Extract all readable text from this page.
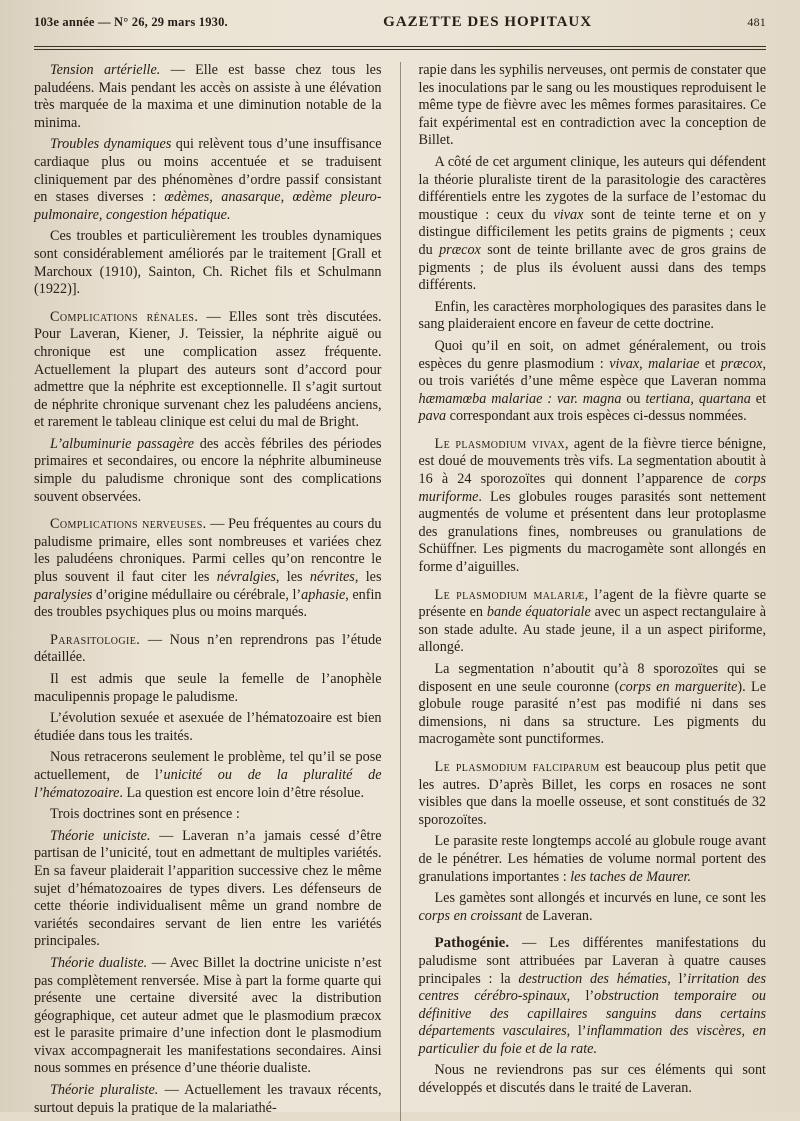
103e année — N° 26, 29 mars 1930.	GAZETTE DES HOPITAUX	481

Tension artérielle. — Elle est basse chez tous les paludéens. Mais pendant les accès on assiste à une élévation très marquée de la maxima et une diminution notable de la minima.

Troubles dynamiques qui relèvent tous d’une insuffisance cardiaque plus ou moins accentuée et se traduisent cliniquement par des phénomènes d’ordre passif consistant en stases diverses : œdèmes, anasarque, œdème pleuro-pulmonaire, congestion hépatique.

Ces troubles et particulièrement les troubles dynamiques sont considérablement améliorés par le traitement [Grall et Marchoux (1910), Sainton, Ch. Richet fils et Schulmann (1922)].

Complications rénales. — Elles sont très discutées. Pour Laveran, Kiener, J. Teissier, la néphrite aiguë ou chronique est une complication assez fréquente. Actuellement la plupart des auteurs sont d’accord pour admettre que la néphrite est exceptionnelle. Il s’agit surtout de néphrite chronique survenant chez les paludéens anciens, et rarement le tableau clinique est celui du mal de Bright.

L’albuminurie passagère des accès fébriles des périodes primaires et secondaires, ou encore la néphrite albumineuse simple du paludisme chronique sont des complications souvent observées.

Complications nerveuses. — Peu fréquentes au cours du paludisme primaire, elles sont nombreuses et variées chez les paludéens chroniques. Parmi celles qu’on rencontre le plus souvent il faut citer les névralgies, les névrites, les paralysies d’origine médullaire ou cérébrale, l’aphasie, enfin des troubles psychiques plus ou moins marqués.

Parasitologie. — Nous n’en reprendrons pas l’étude détaillée.

Il est admis que seule la femelle de l’anophèle maculipennis propage le paludisme.

L’évolution sexuée et asexuée de l’hématozoaire est bien étudiée dans tous les traités.

Nous retracerons seulement le problème, tel qu’il se pose actuellement, de l’unicité ou de la pluralité de l’hématozoaire. La question est encore loin d’être résolue.

Trois doctrines sont en présence :

Théorie uniciste. — Laveran n’a jamais cessé d’être partisan de l’unicité, tout en admettant de multiples variétés. En sa faveur plaiderait l’apparition successive chez le même sujet d’hématozoaires de types divers. Les défenseurs de cette théorie individualisent même un grand nombre de variétés secondaires servant de lien entre les variétés principales.

Théorie dualiste. — Avec Billet la doctrine uniciste n’est pas complètement renversée. Mise à part la forme quarte qui présente une certaine diversité avec la distribution géographique, cet auteur admet que le plasmodium præcox est le parasite primaire d’une infection dont le plasmodium vivax accompagnerait les manifestations secondaires. Ainsi nous sommes en présence d’une théorie dualiste.

Théorie pluraliste. — Actuellement les travaux récents, surtout depuis la pratique de la malariathé-

rapie dans les syphilis nerveuses, ont permis de constater que les inoculations par le sang ou les moustiques reproduisent le même type de fièvre avec les mêmes formes parasitaires. Ce fait expérimental est en contradiction avec la conception de Billet.

A côté de cet argument clinique, les auteurs qui défendent la théorie pluraliste tirent de la parasitologie des caractères différentiels entre les zygotes de la surface de l’estomac du moustique : ceux du vivax sont de teinte terne et on y distingue difficilement les petits grains de pigments ; ceux du præcox sont de teinte brillante avec de gros grains de pigments ; de plus ils évoluent aussi dans des temps différents.

Enfin, les caractères morphologiques des parasites dans le sang plaideraient encore en faveur de cette doctrine.

Quoi qu’il en soit, on admet généralement, ou trois espèces du genre plasmodium : vivax, malariae et præcox, ou trois variétés d’une même espèce que Laveran nomma hæmamœba malariae : var. magna ou tertiana, quartana et pava correspondant aux trois espèces ci-dessus nommées.

Le plasmodium vivax, agent de la fièvre tierce bénigne, est doué de mouvements très vifs. La segmentation aboutit à 16 à 24 sporozoïtes qui donnent l’apparence de corps muriforme. Les globules rouges parasités sont nettement augmentés de volume et présentent dans leur protoplasme des granulations fines, nombreuses ou granulations de Schüffner. Les pigments du macrogamète sont allongés en forme d’aiguilles.

Le plasmodium malariæ, l’agent de la fièvre quarte se présente en bande équatoriale avec un aspect rectangulaire à son stade adulte. Au stade jeune, il a un aspect piriforme, allongé.

La segmentation n’aboutit qu’à 8 sporozoïtes qui se disposent en une seule couronne (corps en marguerite). Le globule rouge parasité n’est pas modifié ni dans ses dimensions, ni dans sa structure. Les pigments du macrogamète sont punctiformes.

Le plasmodium falciparum est beaucoup plus petit que les autres. D’après Billet, les corps en rosaces ne sont visibles que dans la moelle osseuse, et sont constitués de 32 sporozoïtes.

Le parasite reste longtemps accolé au globule rouge avant de le pénétrer. Les hématies de volume normal portent des granulations importantes : les taches de Maurer.

Les gamètes sont allongés et incurvés en lune, ce sont les corps en croissant de Laveran.

Pathogénie. — Les différentes manifestations du paludisme sont attribuées par Laveran à quatre causes principales : la destruction des hématies, l’irritation des centres cérébro-spinaux, l’obstruction temporaire ou définitive des capillaires sanguins dans certains départements vasculaires, l’inflammation des viscères, en particulier du foie et de la rate.

Nous ne reviendrons pas sur ces éléments qui sont développés et discutés dans le traité de Laveran.
